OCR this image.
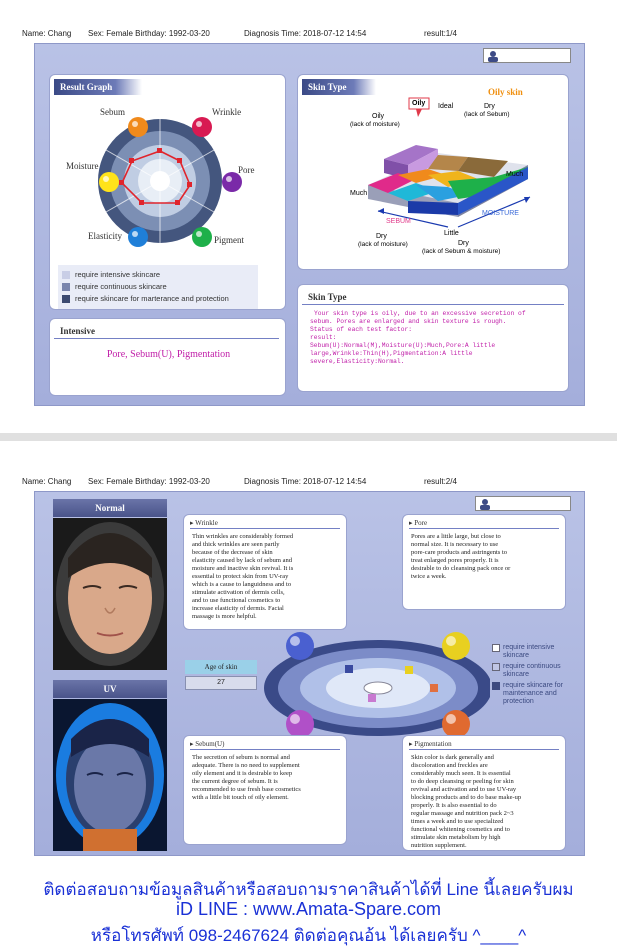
Name: Chang Sex: Female Birthday: 1992-03-20	Diagnosis Time: 2018-07-12 14:54	result:1/4
Result Graph
Sebum	Wrinkle
Moisture	Pore
Elasticity	Pigment
require intensive skincare
require continuous skincare
require skincare for marterance and protection
Intensive
Pore, Sebum(U), Pigmentation
Skin Type	Oily skin
Oily
(lack of moisture)
Oily Ideal	Dry
(lack of Sebum)
Much
Much
SEBUM
MOISTURE
Little
Dry
(lack of moisture)	Dry
(lack of Sebum & moisture)
Skin Type
Your skin type is oily, due to an excessive secretion of
sebum. Pores are enlarged and skin texture is rough.
Status of each test factor:
result:
Sebum(U):Normal(M),Moisture(U):Much,Pore:A little
large,Wrinkle:Thin(H),Pigmentation:A little
severe,Elasticity:Normal.
Name: Chang Sex: Female Birthday: 1992-03-20	Diagnosis Time: 2018-07-12 14:54	result:2/4
Normal
UV
▸ Wrinkle
Thin wrinkles are considerably formed
and thick wrinkles are seen partly
because of the decrease of skin
elasticity caused by lack of sebum and
moisture and inactive skin revival. It is
essential to protect skin from UV-ray
which is a cause to languidness and to
stimulate activation of dermis cells,
and to use functional cosmetics to
increase elasticity of dermis. Facial
massage is more helpful.
▸ Pore
Pores are a little large, but close to
normal size. It is necessary to use
pore-care products and astringents to
treat enlarged pores properly. It is
desirable to do cleansing pack once or
twice a week.
Age of skin
27
require intensive skincare
require continuous skincare
require skincare for maintenance and protection
▸ Sebum(U)
The secretion of sebum is normal and
adequate. There is no need to supplement
oily element and it is desirable to keep
the current degree of sebum. It is
recommended to use fresh base cosmetics
with a little bit touch of oily element.
▸ Pigmentation
Skin color is dark generally and
discoloration and freckles are
considerably much seen. It is essential
to do deep cleansing or peeling for skin
revival and activation and to use UV-ray
blocking products and to do base make-up
properly. It is also essential to do
regular massage and nutrition pack 2~3
times a week and to use specialized
functional whitening cosmetics and to
stimulate skin metabolism by high
nutrition supplement.
ติดต่อสอบถามข้อมูลสินค้าหรือสอบถามราคาสินค้าได้ที่ Line นี้เลยครับผม
iD LINE : www.Amata-Spare.com
หรือโทรศัพท์ 098-2467624 ติดต่อคุณอ้น ได้เลยครับ ^____^
